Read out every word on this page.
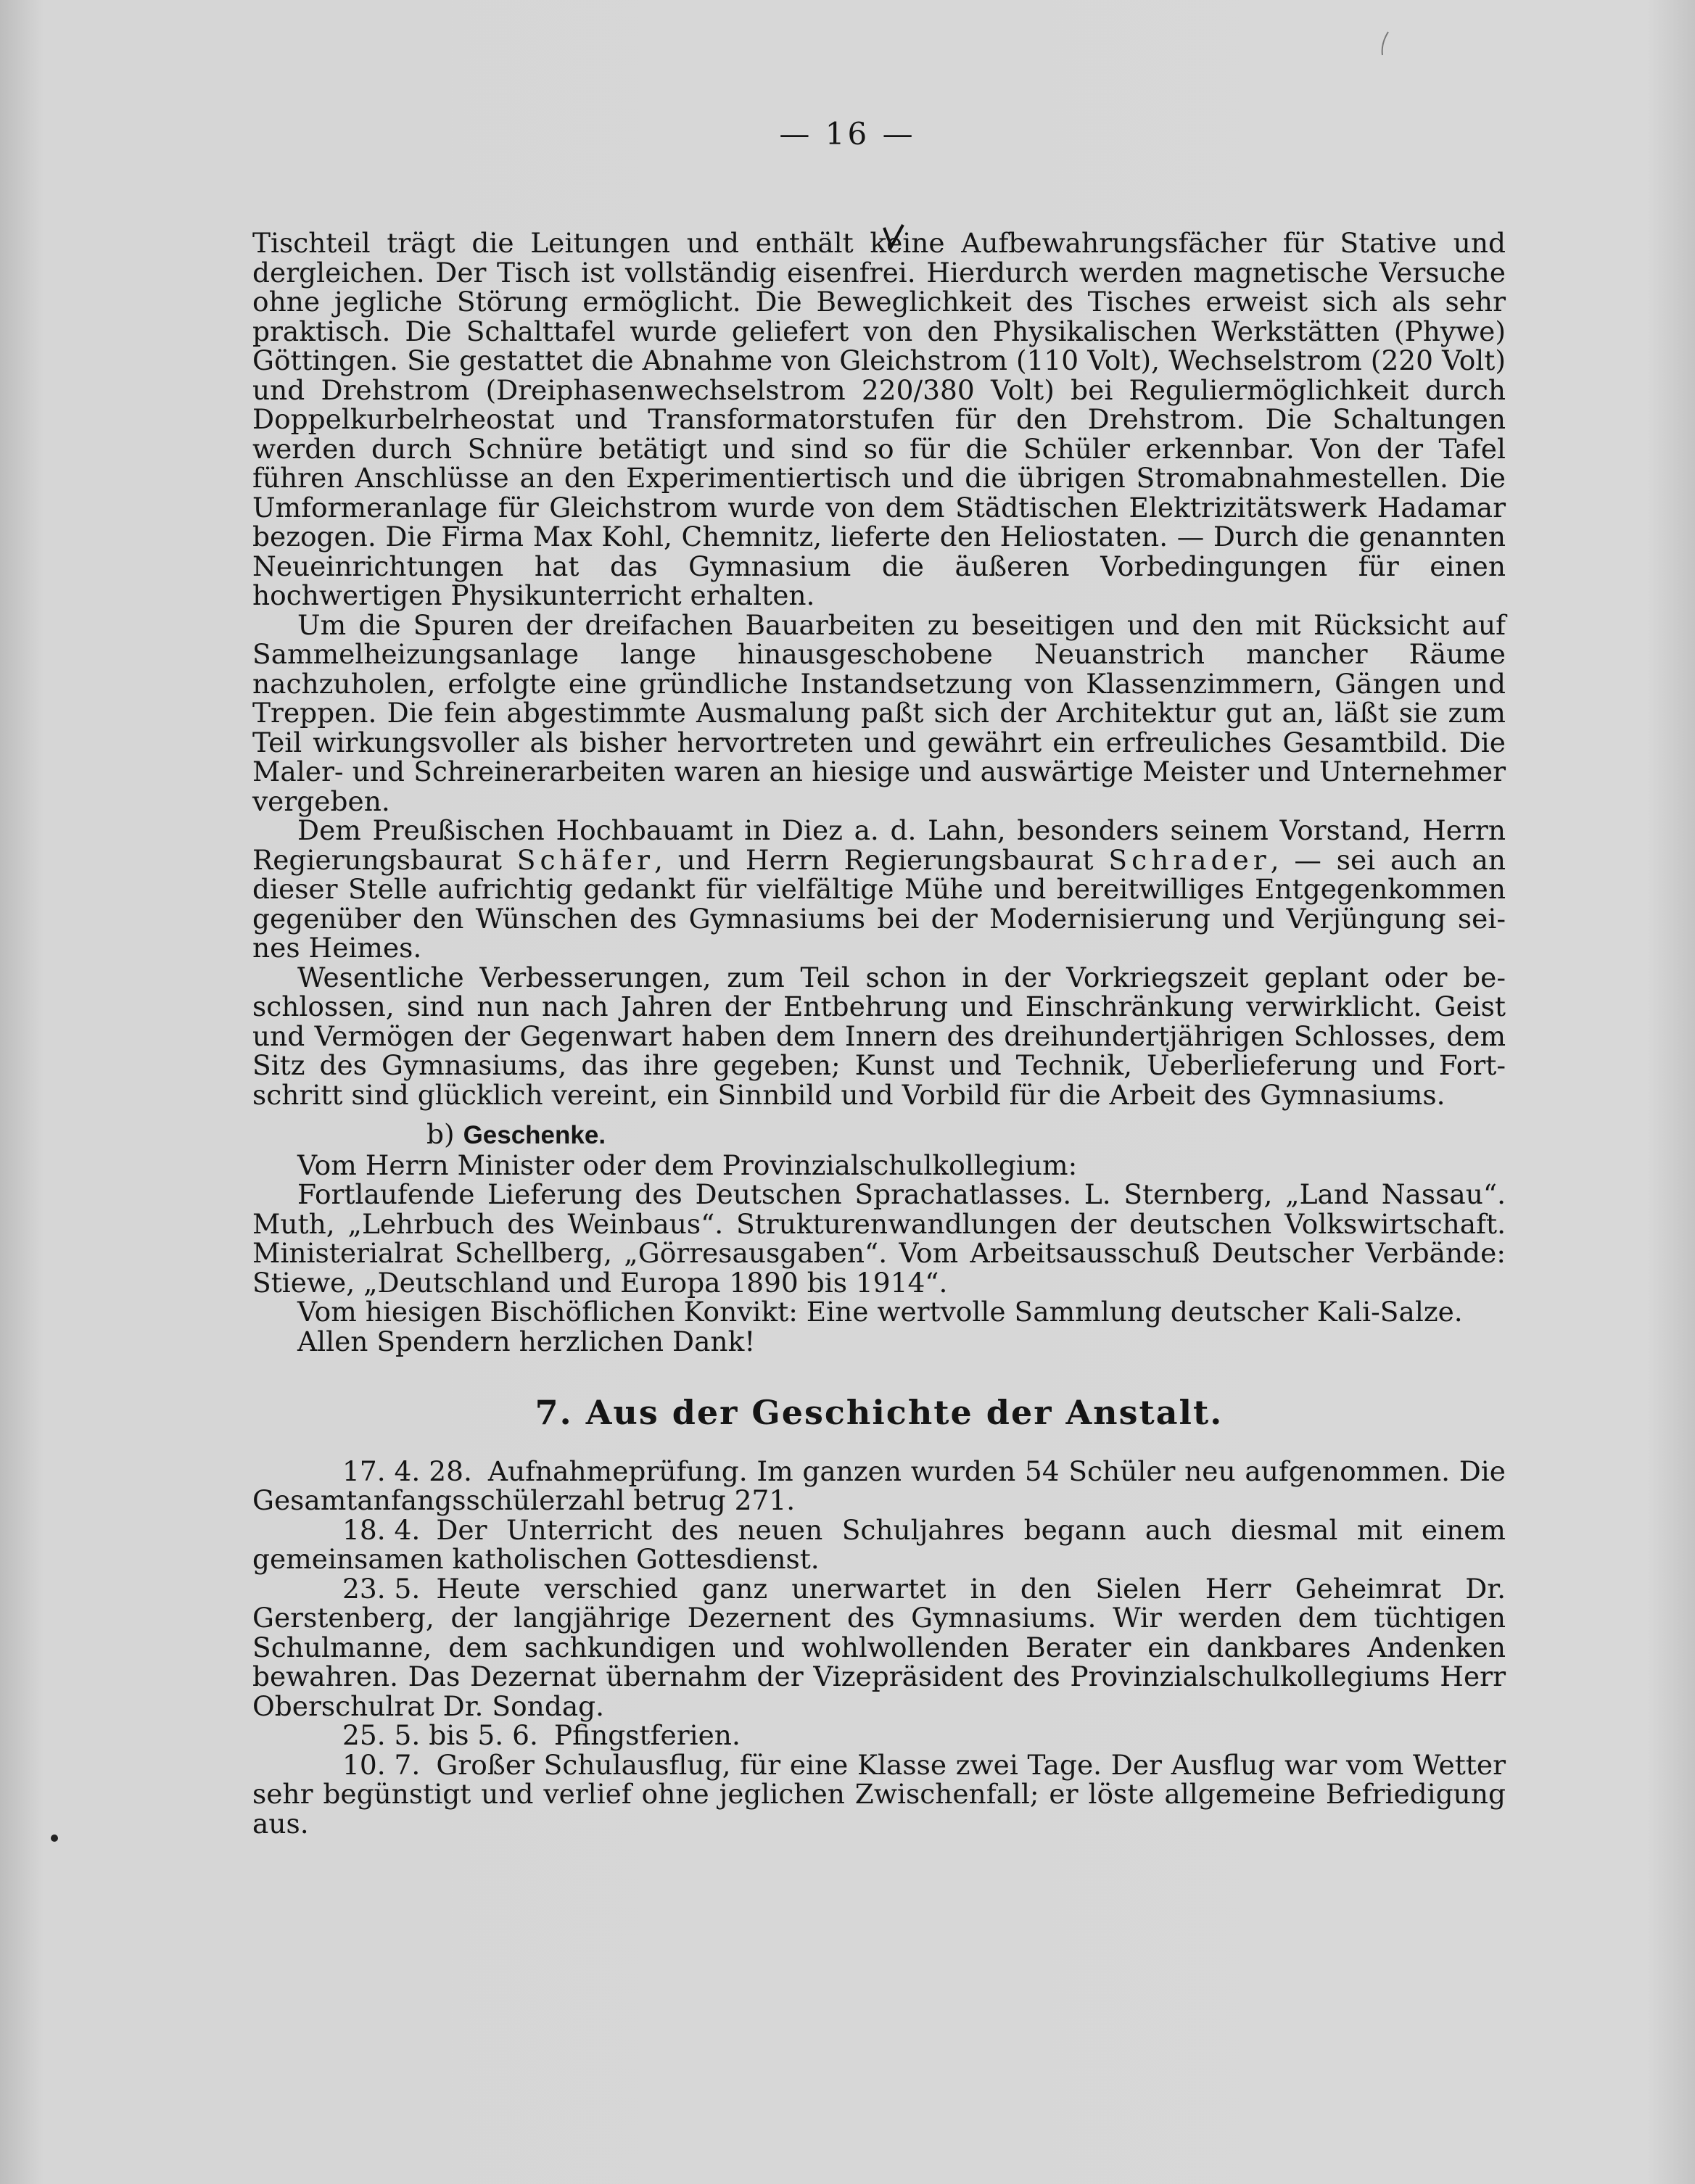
— 16 —

Tischteil trägt die Leitungen und enthält keine Aufbewahrungsfächer für Stative und dergleichen. Der Tisch ist vollständig eisenfrei. Hierdurch werden magnetische Versuche ohne jegliche Störung ermöglicht. Die Beweglichkeit des Tisches erweist sich als sehr praktisch. Die Schalttafel wurde geliefert von den Physikalischen Werkstätten (Phywe) Göttingen. Sie gestattet die Abnahme von Gleichstrom (110 Volt), Wechselstrom (220 Volt) und Drehstrom (Dreiphasenwechselstrom 220/380 Volt) bei Reguliermöglichkeit durch Doppelkurbelrheostat und Transformatorstufen für den Drehstrom. Die Schaltungen werden durch Schnüre betätigt und sind so für die Schüler erkennbar. Von der Tafel führen Anschlüsse an den Experimentiertisch und die übrigen Stromabnahmestellen. Die Umformeranlage für Gleichstrom wurde von dem Städtischen Elektrizitätswerk Hadamar bezogen. Die Firma Max Kohl, Chemnitz, lieferte den Heliostaten. — Durch die genannten Neueinrichtungen hat das Gymnasium die äußeren Vorbedingungen für einen hochwertigen Physikunterricht erhalten.

Um die Spuren der dreifachen Bauarbeiten zu beseitigen und den mit Rücksicht auf Sammelheizungsanlage lange hinausgeschobene Neuanstrich mancher Räume nachzuholen, erfolgte eine gründliche Instandsetzung von Klassenzimmern, Gängen und Treppen. Die fein abgestimmte Ausmalung paßt sich der Architektur gut an, läßt sie zum Teil wirkungsvoller als bisher hervortreten und gewährt ein erfreuliches Gesamtbild. Die Maler- und Schreinerarbeiten waren an hiesige und auswärtige Meister und Unternehmer vergeben.

Dem Preußischen Hochbauamt in Diez a. d. Lahn, besonders seinem Vorstand, Herrn Regierungsbaurat Schäfer, und Herrn Regierungsbaurat Schrader, — sei auch an dieser Stelle aufrichtig gedankt für vielfältige Mühe und bereitwilliges Entgegenkommen gegenüber den Wünschen des Gymnasiums bei der Modernisierung und Verjüngung seines Heimes.

Wesentliche Verbesserungen, zum Teil schon in der Vorkriegszeit geplant oder beschlossen, sind nun nach Jahren der Entbehrung und Einschränkung verwirklicht. Geist und Vermögen der Gegenwart haben dem Innern des dreihundertjährigen Schlosses, dem Sitz des Gymnasiums, das ihre gegeben; Kunst und Technik, Ueberlieferung und Fortschritt sind glücklich vereint, ein Sinnbild und Vorbild für die Arbeit des Gymnasiums.

b) Geschenke.

Vom Herrn Minister oder dem Provinzialschulkollegium:

Fortlaufende Lieferung des Deutschen Sprachatlasses. L. Sternberg, „Land Nassau“. Muth, „Lehrbuch des Weinbaus“. Strukturenwandlungen der deutschen Volkswirtschaft. Ministerialrat Schellberg, „Görresausgaben“. Vom Arbeitsausschuß Deutscher Verbände: Stiewe, „Deutschland und Europa 1890 bis 1914“.

Vom hiesigen Bischöflichen Konvikt: Eine wertvolle Sammlung deutscher Kali-Salze.

Allen Spendern herzlichen Dank!

7. Aus der Geschichte der Anstalt.

17. 4. 28. Aufnahmeprüfung. Im ganzen wurden 54 Schüler neu aufgenommen. Die Gesamtanfangsschülerzahl betrug 271.

18. 4. Der Unterricht des neuen Schuljahres begann auch diesmal mit einem gemeinsamen katholischen Gottesdienst.

23. 5. Heute verschied ganz unerwartet in den Sielen Herr Geheimrat Dr. Gerstenberg, der langjährige Dezernent des Gymnasiums. Wir werden dem tüchtigen Schulmanne, dem sachkundigen und wohlwollenden Berater ein dankbares Andenken bewahren. Das Dezernat übernahm der Vizepräsident des Provinzialschulkollegiums Herr Oberschulrat Dr. Sondag.

25. 5. bis 5. 6. Pfingstferien.

10. 7. Großer Schulausflug, für eine Klasse zwei Tage. Der Ausflug war vom Wetter sehr begünstigt und verlief ohne jeglichen Zwischenfall; er löste allgemeine Befriedigung aus.
